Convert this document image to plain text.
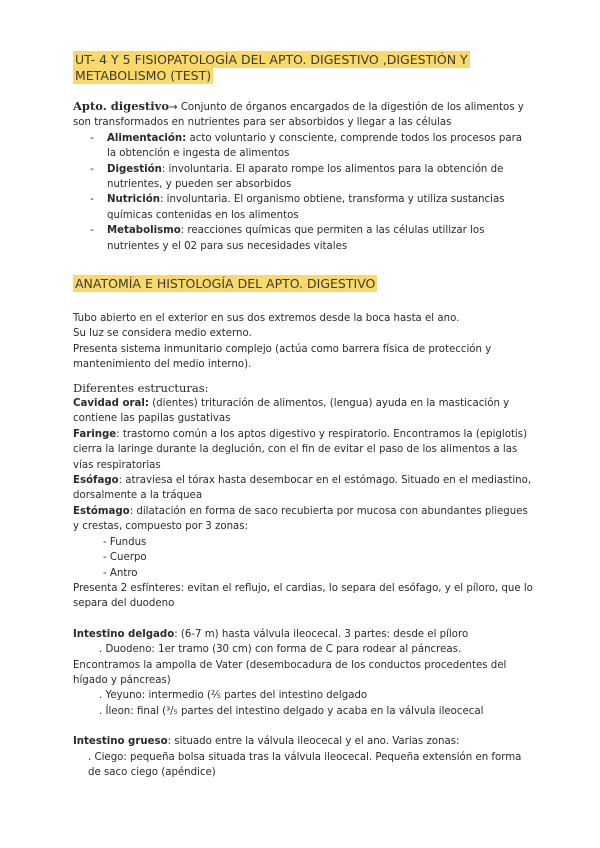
UT- 4 Y 5 FISIOPATOLOGÍA DEL APTO. DIGESTIVO ,DIGESTIÓN Y METABOLISMO (TEST)
Apto. digestivo→ Conjunto de órganos encargados de la digestión de los alimentos y son transformados en nutrientes para ser absorbidos y llegar a las células
- Alimentación: acto voluntario y consciente, comprende todos los procesos para la obtención e ingesta de alimentos
- Digestión: involuntaria. El aparato rompe los alimentos para la obtención de nutrientes, y pueden ser absorbidos
- Nutrición: involuntaria. El organismo obtiene, transforma y utiliza sustancias químicas contenidas en los alimentos
- Metabolismo: reacciones químicas que permiten a las células utilizar los nutrientes y el 02 para sus necesidades vitales
ANATOMÍA E HISTOLOGÍA DEL APTO. DIGESTIVO
Tubo abierto en el exterior en sus dos extremos desde la boca hasta el ano.
Su luz se considera medio externo.
Presenta sistema inmunitario complejo (actúa como barrera física de protección y mantenimiento del medio interno).
Diferentes estructuras:
Cavidad oral: (dientes) trituración de alimentos, (lengua) ayuda en la masticación y contiene las papilas gustativas
Faringe: trastorno común a los aptos digestivo y respiratorio. Encontramos la (epiglotis) cierra la laringe durante la deglución, con el fin de evitar el paso de los alimentos a las vías respiratorias
Esófago: atraviesa el tórax hasta desembocar en el estómago. Situado en el mediastino, dorsalmente a la tráquea
Estómago: dilatación en forma de saco recubierta por mucosa con abundantes pliegues y crestas, compuesto por 3 zonas:
- Fundus
- Cuerpo
- Antro
Presenta 2 esfínteres: evitan el reflujo, el cardias, lo separa del esófago, y el píloro, que lo separa del duodeno
Intestino delgado: (6-7 m) hasta válvula ileocecal. 3 partes: desde el píloro
. Duodeno: 1er tramo (30 cm) con forma de C para rodear al páncreas.
Encontramos la ampolla de Vater (desembocadura de los conductos procedentes del hígado y páncreas)
. Yeyuno: intermedio (⅖ partes del intestino delgado
. Íleon: final (³/₅ partes del intestino delgado y acaba en la válvula ileocecal
Intestino grueso: situado entre la válvula ileocecal y el ano. Varias zonas:
. Ciego: pequeña bolsa situada tras la válvula ileocecal. Pequeña extensión en forma de saco ciego (apéndice)
